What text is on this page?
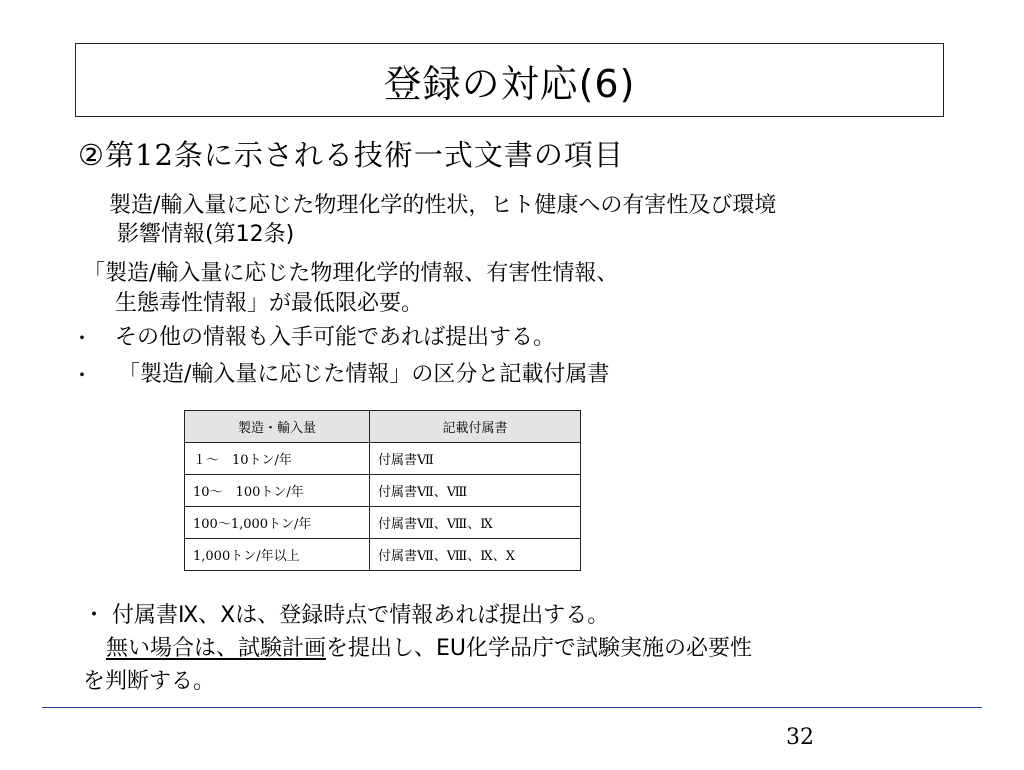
登録の対応(6)
②第12条に示される技術一式文書の項目
製造/輸入量に応じた物理化学的性状，ヒト健康への有害性及び環境
影響情報(第12条)
「製造/輸入量に応じた物理化学的情報、有害性情報、
生態毒性情報」が最低限必要。
・ その他の情報も入手可能であれば提出する。
・ 「製造/輸入量に応じた情報」の区分と記載付属書
製造・輸入量	記載付属書
１～　10トン/年	付属書Ⅶ
10～　100トン/年	付属書Ⅶ、Ⅷ
100～1,000トン/年	付属書Ⅶ、Ⅷ、Ⅸ
1,000トン/年以上	付属書Ⅶ、Ⅷ、Ⅸ、Ⅹ
・ 付属書Ⅸ、Ⅹは、登録時点で情報あれば提出する。
無い場合は、試験計画を提出し、EU化学品庁で試験実施の必要性
を判断する。
32
